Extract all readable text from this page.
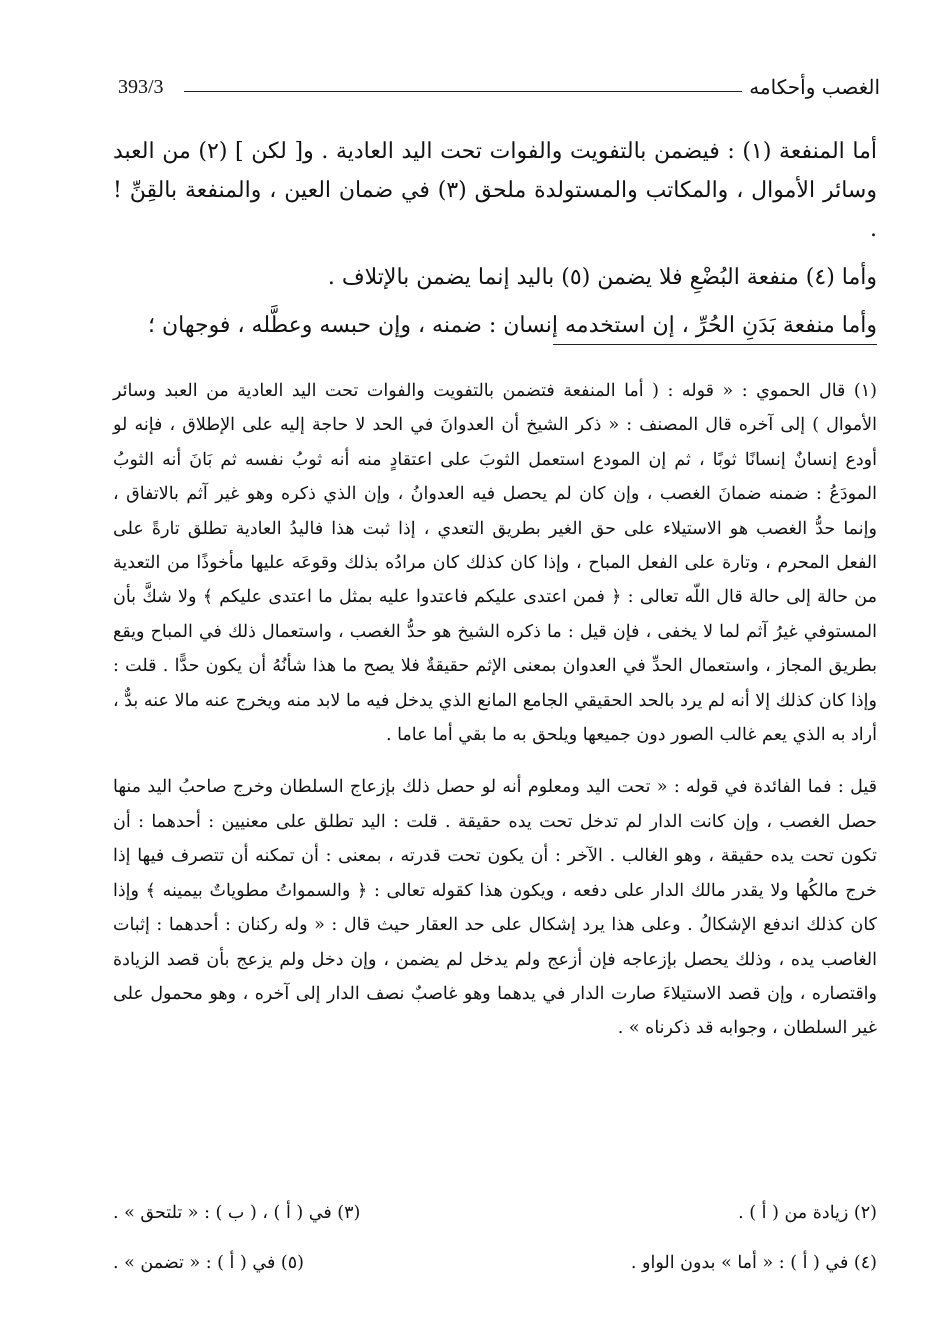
393/3	الغصب وأحكامه

أما المنفعة (١) : فيضمن بالتفويت والفوات تحت اليد العادية . و[ لكن ] (٢) من العبد وسائر الأموال ، والمكاتب والمستولدة ملحق (٣) في ضمان العين ، والمنفعة بالقِنِّ ! .

وأما (٤) منفعة البُضْعِ فلا يضمن (٥) باليد إنما يضمن بالإتلاف .

وأما منفعة بَدَنِ الحُرِّ ، إن استخدمه إنسان : ضمنه ، وإن حبسه وعطَّله ، فوجهان ؛

(١) قال الحموي : « قوله : ( أما المنفعة فتضمن بالتفويت والفوات تحت اليد العادية من العبد وسائر الأموال ) إلى آخره قال المصنف : « ذكر الشيخ أن العدوانَ في الحد لا حاجة إليه على الإطلاق ، فإنه لو أودع إنسانٌ إنسانًا ثوبًا ، ثم إن المودع استعمل الثوبَ على اعتقادٍ منه أنه ثوبُ نفسه ثم بَانَ أنه الثوبُ المودَعُ : ضمنه ضمانَ الغصب ، وإن كان لم يحصل فيه العدوانُ ، وإن الذي ذكره وهو غير آثم بالاتفاق ، وإنما حدُّ الغصب هو الاستيلاء على حق الغير بطريق التعدي ، إذا ثبت هذا فاليدُ العادية تطلق تارةً على الفعل المحرم ، وتارة على الفعل المباح ، وإذا كان كذلك كان مرادُه بذلك وقوعَه عليها مأخوذًا من التعدية من حالة إلى حالة قال اللّه تعالى : ﴿ فمن اعتدى عليكم فاعتدوا عليه بمثل ما اعتدى عليكم ﴾ ولا شكَّ بأن المستوفي غيرُ آثم لما لا يخفى ، فإن قيل : ما ذكره الشيخ هو حدُّ الغصب ، واستعمال ذلك في المباح ويقع بطريق المجاز ، واستعمال الحدِّ في العدوان بمعنى الإثم حقيقةٌ فلا يصح ما هذا شأنُهُ أن يكون حدًّا . قلت : وإذا كان كذلك إلا أنه لم يرد بالحد الحقيقي الجامع المانع الذي يدخل فيه ما لابد منه ويخرج عنه مالا عنه بدٌّ ، أراد به الذي يعم غالب الصور دون جميعها ويلحق به ما بقي أما عاما .

قيل : فما الفائدة في قوله : « تحت اليد ومعلوم أنه لو حصل ذلك بإزعاج السلطان وخرج صاحبُ اليد منها حصل الغصب ، وإن كانت الدار لم تدخل تحت يده حقيقة . قلت : اليد تطلق على معنيين : أحدهما : أن تكون تحت يده حقيقة ، وهو الغالب . الآخر : أن يكون تحت قدرته ، بمعنى : أن تمكنه أن تتصرف فيها إذا خرج مالكُها ولا يقدر مالك الدار على دفعه ، ويكون هذا كقوله تعالى : ﴿ والسمواتُ مطوياتٌ بيمينه ﴾ وإذا كان كذلك اندفع الإشكالُ . وعلى هذا يرد إشكال على حد العقار حيث قال : « وله ركنان : أحدهما : إثبات الغاصب يده ، وذلك يحصل بإزعاجه فإن أزعج ولم يدخل لم يضمن ، وإن دخل ولم يزعج بأن قصد الزيادة واقتصاره ، وإن قصد الاستيلاءَ صارت الدار في يدهما وهو غاصبٌ نصف الدار إلى آخره ، وهو محمول على غير السلطان ، وجوابه قد ذكرناه » .

(٢) زيادة من ( أ ) .
(٣) في ( أ ) ، ( ب ) : « تلتحق » .
(٤) في ( أ ) : « أما » بدون الواو .
(٥) في ( أ ) : « تضمن » .
